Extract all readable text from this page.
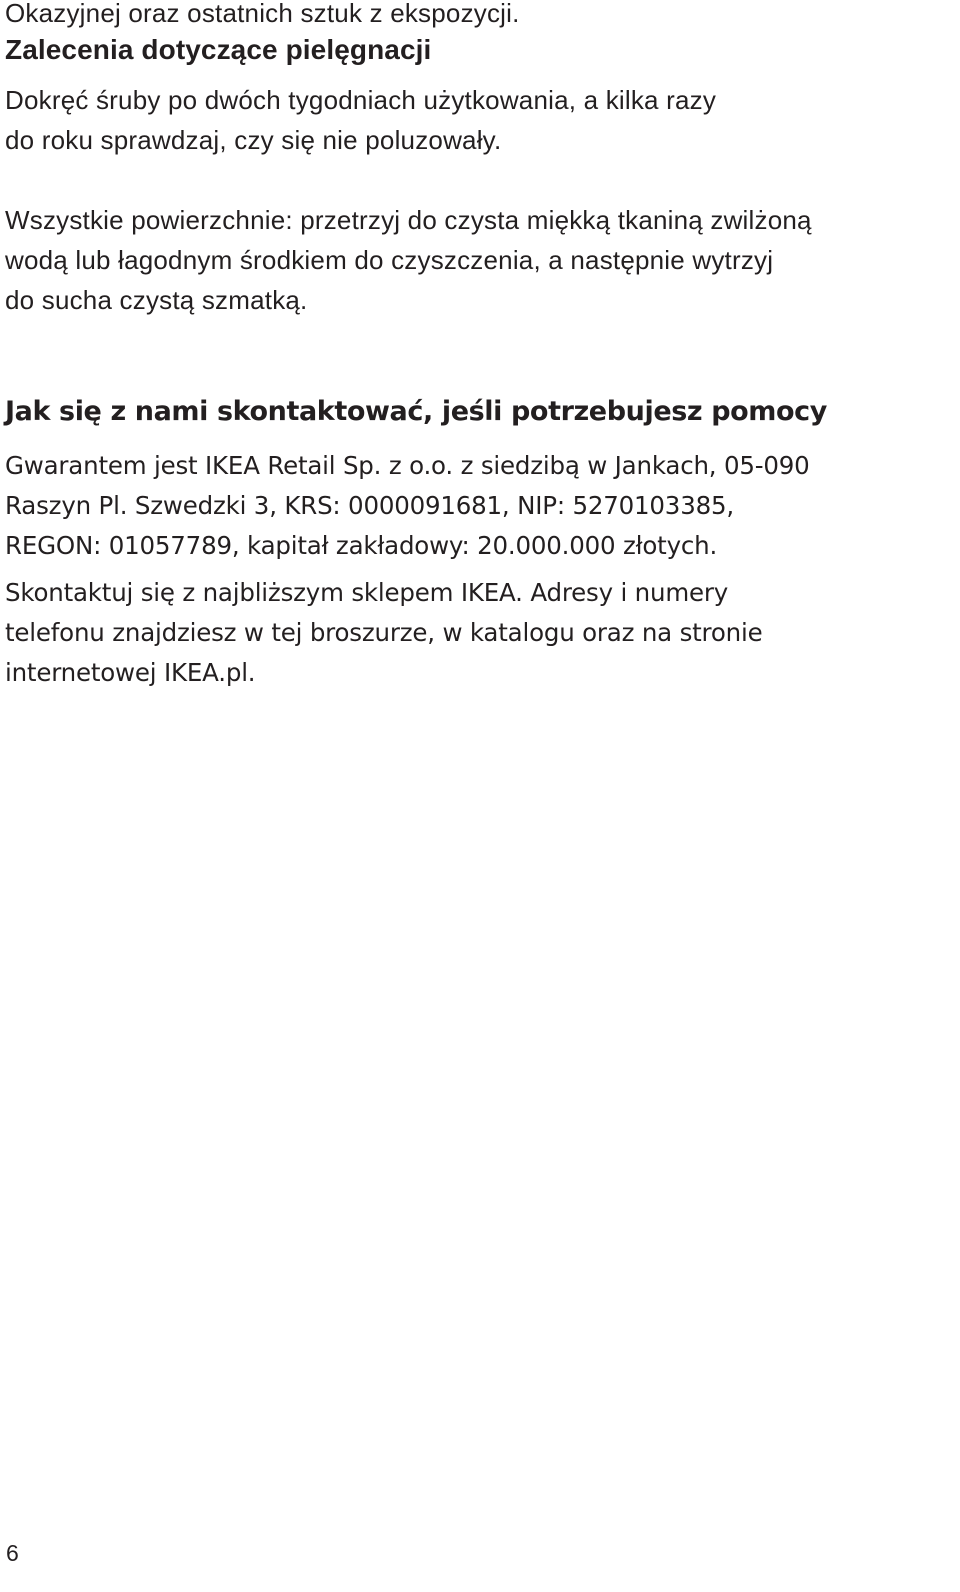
Okazyjnej oraz ostatnich sztuk z ekspozycji.
Zalecenia dotyczące pielęgnacji
Dokręć śruby po dwóch tygodniach użytkowania, a kilka razy
do roku sprawdzaj, czy się nie poluzowały.
Wszystkie powierzchnie: przetrzyj do czysta miękką tkaniną zwilżoną
wodą lub łagodnym środkiem do czyszczenia, a następnie wytrzyj
do sucha czystą szmatką.
Jak się z nami skontaktować, jeśli potrzebujesz pomocy
Gwarantem jest IKEA Retail Sp. z o.o. z siedzibą w Jankach, 05-090
Raszyn Pl. Szwedzki 3, KRS: 0000091681, NIP: 5270103385,
REGON: 01057789, kapitał zakładowy: 20.000.000 złotych.
Skontaktuj się z najbliższym sklepem IKEA. Adresy i numery
telefonu znajdziesz w tej broszurze, w katalogu oraz na stronie
internetowej IKEA.pl.
6
